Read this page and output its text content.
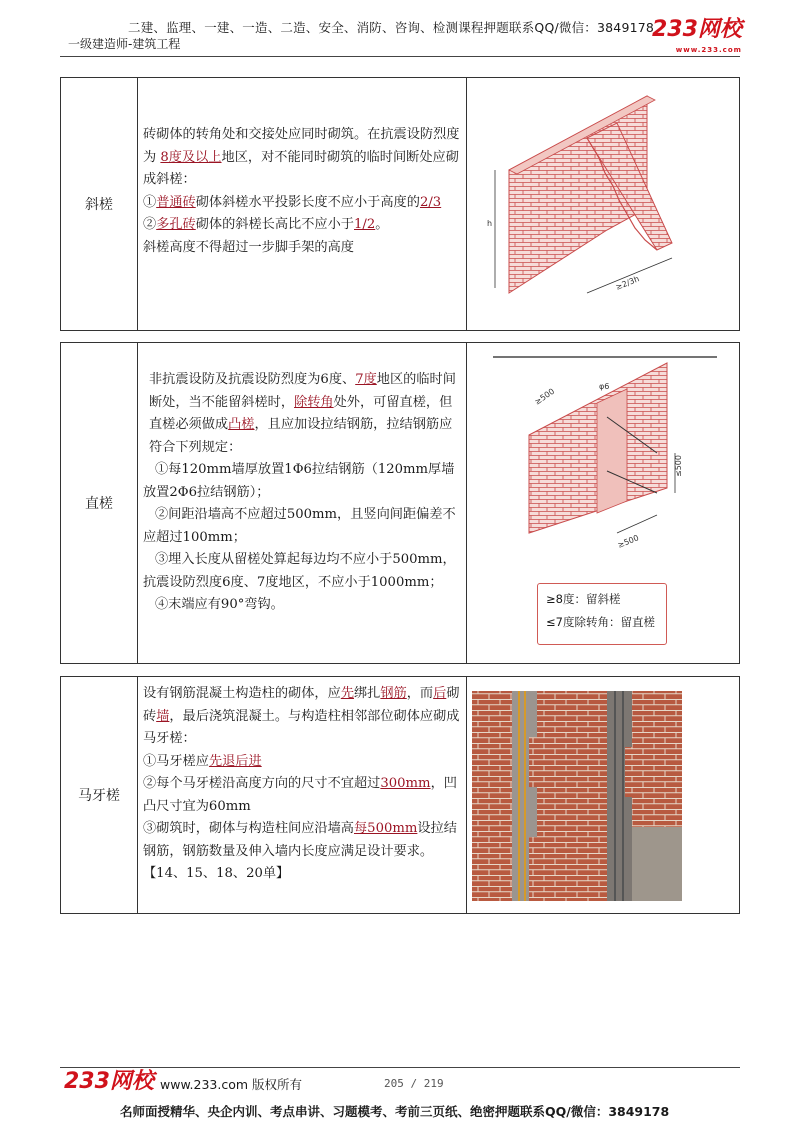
二建、监理、一建、一造、二造、安全、消防、咨询、检测课程押题联系QQ/微信：3849178
一级建造师-建筑工程
233网校
www.233.com
斜槎
砖砌体的转角处和交接处应同时砌筑。在抗震设防烈度为 8度及以上地区，对不能同时砌筑的临时间断处应砌成斜槎：
①普通砖砌体斜槎水平投影长度不应小于高度的2/3
②多孔砖砌体的斜槎长高比不应小于1/2。
斜槎高度不得超过一步脚手架的高度
h
≥2/3h
直槎
非抗震设防及抗震设防烈度为6度、7度地区的临时间断处，当不能留斜槎时，除转角处外，可留直槎，但直槎必须做成凸槎，且应加设拉结钢筋，拉结钢筋应符合下列规定：
①每120mm墙厚放置1Φ6拉结钢筋（120mm厚墙放置2Φ6拉结钢筋）；
②间距沿墙高不应超过500mm，且竖向间距偏差不应超过100mm；
③埋入长度从留槎处算起每边均不应小于500mm，抗震设防烈度6度、7度地区，不应小于1000mm；
④末端应有90°弯钩。
φ6
≥500
≤500
≥500
≥8度：留斜槎
≤7度除转角：留直槎
马牙槎
设有钢筋混凝土构造柱的砌体，应先绑扎钢筋，而后砌砖墙，最后浇筑混凝土。与构造柱相邻部位砌体应砌成马牙槎：
①马牙槎应先退后进
②每个马牙槎沿高度方向的尺寸不宜超过300mm，凹凸尺寸宜为60mm
③砌筑时，砌体与构造柱间应沿墙高每500mm设拉结钢筋，钢筋数量及伸入墙内长度应满足设计要求。【14、15、18、20单】
233网校 www.233.com 版权所有	205 / 219
名师面授精华、央企内训、考点串讲、习题模考、考前三页纸、绝密押题联系QQ/微信：3849178
